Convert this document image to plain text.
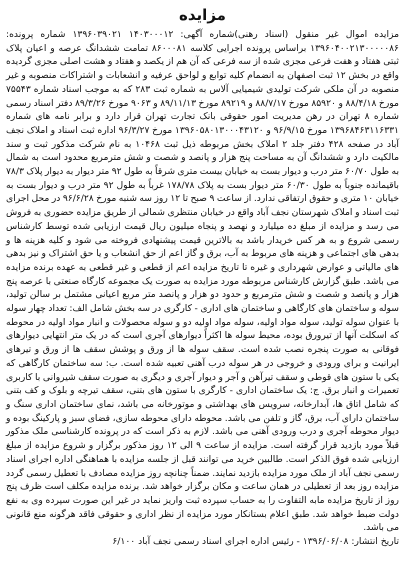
مزایده

مزایده اموال غیر منقول (اسناد رهنی)شماره آگهی: ۱۴۰۳۰۰۰۱۲ ۱۳۹۶۰۳۹۰۲۱ شماره پرونده: ۱۳۹۶۰۴۰۰۲۱۳۰۰۰۰۰۸۶ براساس پرونده اجرایی کلاسه ۸۶۰۰۰۸۱ تمامت ششدانگ عرصه و اعیان پلاک ثبتی هفتاد و هفت فرعی مجزی شده از سه فرعی که آن هم از یکصد و هفتاد و هشت اصلی مجزی گردیده واقع در بخش ۱۲ ثبت اصفهان به انضمام کلیه توابع و لواحق عرفیه و انشعابات و اشتراکات منصوبه و غیر منصوبه در آن ملکی شرکت تولیدی شیمیایی آلاس به شماره ثبت ۲۸۳ که به موجب اسناد شماره ۷۵۵۴۳ مورخ ۸۸/۴/۱۸ و ۸۵۹۲۰ مورخ ۸۸/۷/۱۷ و ۸۹۲۱۹ مورخ ۸۹/۱۱/۱۳ و ۹۰۶۳ مورخ ۸۹/۳/۲۶ دفتر اسناد رسمی شماره ۸ تهران در رهن مدیریت امور حقوقی بانک تجارت تهران قرار دارد و برابر نامه های شماره ۱۳۹۶۸۴۶۳۱۱۶۳۳۱ مورخ ۹۶/۹/۱۵ و ۱۳۹۶۰۵۸۰۱۳۰۰۰۴۳۱۲۰ مورخ ۹۶/۳/۲۷ اداره ثبت اسناد و املاک نجف آباد در صفحه ۴۲۸ دفتر جلد ۲ املاک بخش مربوطه ذیل ثبت ۱۰۴۶۸ به نام شرکت مذکور ثبت و سند مالکیت دارد و ششدانگ آن به مساحت پنج هزار و پانصد و شصت و شش مترمربع محدود است به شمال به طول ۶۰/۷۰ متر درب و دیوار بست به خیابان بیست متری شرقاً به طول ۹۲ متر دیوار به دیوار پلاک ۷۸/۳ باقیمانده جنوباً به طول ۶۰/۳۰ متر دیوار بست به پلاک ۱۷۸/۷۸ غرباً به طول ۹۲ متر درب و دیوار بست به خیابان ۱۰ متری و حقوق ارتفاقی ندارد. از ساعت ۹ صبح تا ۱۲ روز سه شنبه مورخ ۹۶/۶/۲۸ در محل اجرای ثبت اسناد و املاک شهرستان نجف آباد واقع در خیابان منتظری شمالی از طریق مزایده حضوری به فروش می رسد و مزایده از مبلغ ده میلیارد و نهصد و پنجاه میلیون ریال قیمت ارزیابی شده توسط کارشناس رسمی شروع و به هر کس خریدار باشد به بالاترین قیمت پیشنهادی فروخته می شود و کلیه هزینه ها و بدهی های اجتماعی و هزینه های مربوط به آب، برق و گاز اعم از حق انشعاب و یا حق اشتراک و نیز بدهی های مالیاتی و عوارض شهرداری و غیره تا تاریخ مزایده اعم از قطعی و غیر قطعی به عهده برنده مزایده می باشد. طبق گزارش کارشناس مربوطه مورد مزایده به صورت یک مجموعه کارگاه صنعتی با عرصه پنج هزار و پانصد و شصت و شش مترمربع و حدود دو هزار و پانصد متر مربع اعیانی مشتمل بر سالن تولید، سوله و ساختمان های کارگاهی و ساختمان های اداری - کارگری در سه بخش شامل الف: تعداد چهار سوله با عنوان سوله تولید، سوله مواد اولیه، سوله مواد اولیه دو و سوله محصولات و انبار مواد اولیه در محوطه که اسکلت آنها از تیرورق بوده، محیط سوله ها اکثراً دیوارهای آجری است که در یک متر انتهایی دیوارهای فوقانی به صورت پنجره نصب شده است. سقف سوله ها از ورق و پوشش سقف ها از ورق و تیرهای ایرانیت و برای ورودی و خروجی در هر سوله درب آهنی تعبیه شده است. ب: سه ساختمان کارگاهی که یکی با ستون های قوطی و سقف تیرآهن و آجر و دیوار آجری و دیگری به صورت سقف شیروانی با کاربری تعمیرات و انبار برق. ج: یک ساختمان اداری - کارگری با ستون های بتنی، سقف تیرچه و بلوک و کف بتنی که شامل اتاق ها، آبدارخانه، سرویس های بهداشتی و موتورخانه می باشد، نمای ساختمان اداری سنگ و ساختمان دارای آب، برق، گاز و تلفن می باشد. محوطه دارای محوطه سازی، فضای سبز و پارکینگ بوده و دیوار محوطه آجری و درب ورودی آهنی می باشد. لازم به ذکر است که در پرونده کارشناسی ملک مذکور قبلاً مورد بازدید قرار گرفته است. مزایده از ساعت ۹ الی ۱۲ روز مذکور برگزار و شروع مزایده از مبلغ ارزیابی شده فوق الذکر است. طالبین خرید می توانند قبل از جلسه مزایده با هماهنگی اداره اجرای اسناد رسمی نجف آباد از ملک مورد مزایده بازدید نمایند. ضمناً چنانچه روز مزایده مصادف با تعطیل رسمی گردد مزایده روز بعد از تعطیلی در همان ساعت و مکان برگزار خواهد شد. برنده مزایده مکلف است ظرف پنج روز از تاریخ مزایده مابه التفاوت را به حساب سپرده ثبت واریز نماید در غیر این صورت سپرده وی به نفع دولت ضبط خواهد شد. طبق اعلام بستانکار مورد مزایده از نظر اداری و حقوقی فاقد هرگونه منع قانونی می باشد.

تاریخ انتشار: ۱۳۹۶/۰۶/۰۸ - رئیس اداره اجرای اسناد رسمی نجف آباد ۶/۱۰۰
